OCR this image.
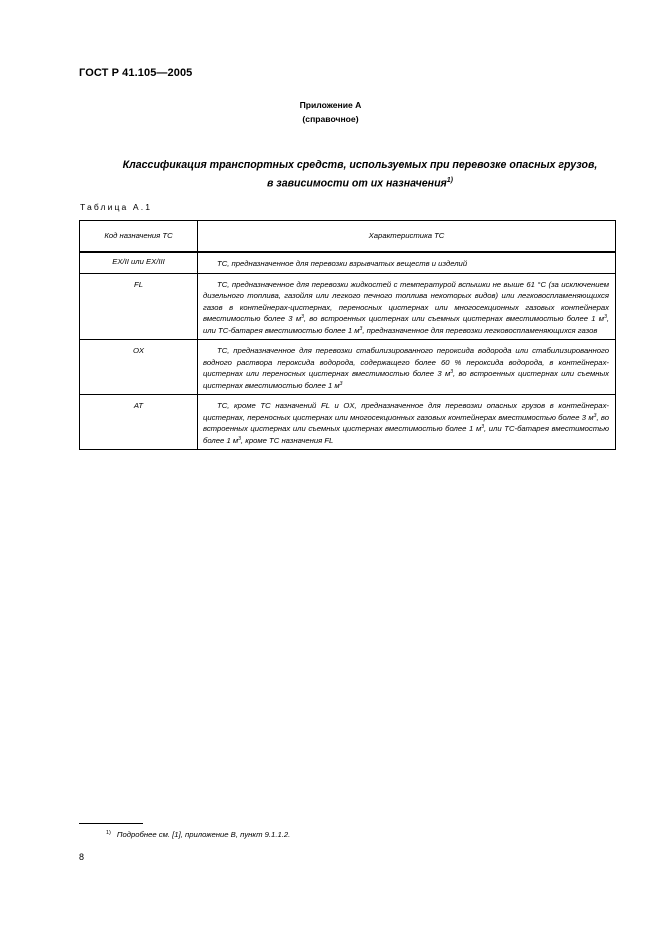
ГОСТ Р 41.105—2005
Приложение А
(справочное)
Классификация транспортных средств, используемых при перевозке опасных грузов,
в зависимости от их назначения$^{1)}$
Таблица А.1
Код назначения ТС	Характеристика ТС
EX/II или EX/III	ТС, предназначенное для перевозки взрывчатых веществ и изделий
FL	ТС, предназначенное для перевозки жидкостей с температурой вспышки не выше 61 °С (за исключением дизельного топлива, газойля или легкого печного топлива некоторых видов) или легковоспламеняющихся газов в контейнерах-цистернах, переносных цистернах или многосекционных газовых контейнерах вместимостью более 3 $м^3$, во встроенных цистернах или съемных цистернах вместимостью более 1 $м^3$, или ТС-батарея вместимостью более 1 $м^3$, предназначенное для перевозки легковоспламеняющихся газов
OX	ТС, предназначенное для перевозки стабилизированного пероксида водорода или стабилизированного водного раствора пероксида водорода, содержащего более 60 % пероксида водорода, в контейнерах-цистернах или переносных цистернах вместимостью более 3 $м^3$, во встроенных цистернах или съемных цистернах вместимостью более 1 $м^3$
AT	ТС, кроме ТС назначений FL и OX, предназначенное для перевозки опасных грузов в контейнерах-цистернах, переносных цистернах или многосекционных газовых контейнерах вместимостью более 3 $м^3$, во встроенных цистернах или съемных цистернах вместимостью более 1 $м^3$, или ТС-батарея вместимостью более 1 $м^3$, кроме ТС назначения FL
$^{1)}$ Подробнее см. [1], приложение В, пункт 9.1.1.2.
8
